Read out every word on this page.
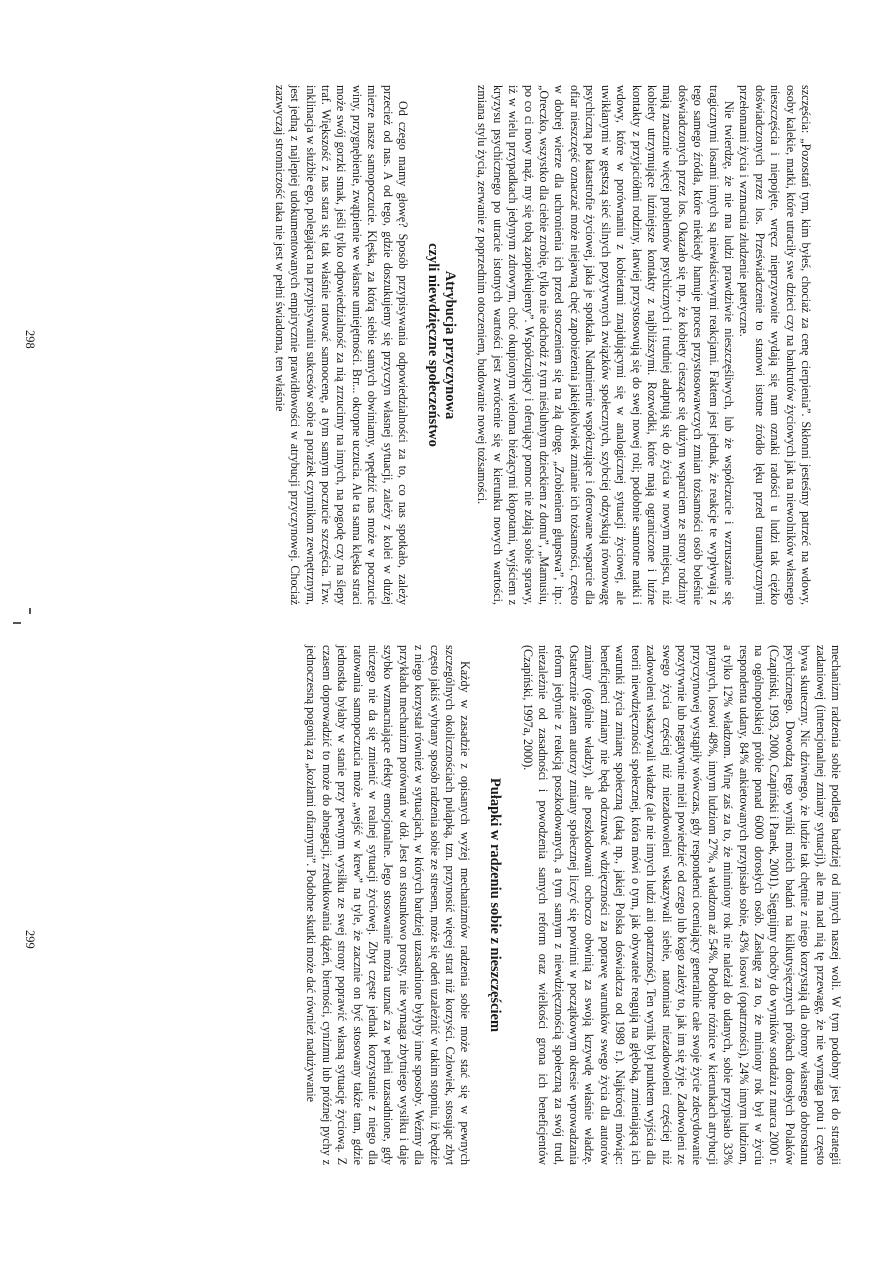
szczęścia: „Pozostań tym, kim byłeś, chociaż za cenę cierpienia”. Skłonni jesteśmy patrzeć na wdowy, osoby kalekie, matki, które utraciły swe dzieci czy na bankrutów życiowych jak na niewolników własnego nieszczęścia i niepojęte, wręcz nieprzyzwoite wydają się nam oznaki radości u ludzi tak ciężko doświadczonych przez los. Przeświadczenie to stanowi istotne źródło lęku przed traumatycznymi przełomami życia i wzmacnia złudzenie patetyczne.

Nie twierdzę, że nie ma ludzi prawdziwie nieszczęśliwych, lub że współczucie i wzruszanie się tragicznymi losami innych są niewłaściwymi reakcjami. Faktem jest jednak, że reakcje te wypływają z tego samego źródła, które niekiedy hamuje proces przystosowawczych zmian tożsamości osób boleśnie doświadczonych przez los. Okazało się np., że kobiety cieszące się dużym wsparciem ze strony rodziny mają znacznie więcej problemów psychicznych i trudniej adaptują się do życia w nowym miejscu, niż kobiety utrzymujące luźniejsze kontakty z najbliższymi. Rozwódki, które mają ograniczone i luźne kontakty z przyjaciółmi rodziny, łatwiej przystosowują się do swej nowej roli; podobnie samotne matki i wdowy, które w porównaniu z kobietami znajdującymi się w analogicznej sytuacji życiowej, ale uwikłanymi w gęstszą sieć silnych pozytywnych związków społecznych, szybciej odzyskują równowagę psychiczną po katastrofie życiowej, jaka je spotkała. Nadmiernie współczujące i oferowane wsparcie dla ofiar nieszczęść oznaczać może niejawną chęć zapobieżenia jakiejkolwiek zmianie ich tożsamości, często w dobrej wierze dla uchronienia ich przed stoczeniem się na złą drogę. „Zrobieniem głupstwa”, itp.: „Oreczko, wszystko dla ciebie zrobię, tylko nie odchodź z tym nieślubnym dzieckiem z domu”, „Mamusiu, po co ci nowy mąż, my się tobą zaopiekujemy”. Współczujący i oferujący pomoc nie zdają sobie sprawy, iż w wielu przypadkach jedynym zdrowym, choć okupionym wieloma bieżącymi kłopotami, wyjściem z kryzysu psychicznego po utracie istotnych wartości jest zwrócenie się w kierunku nowych wartości, zmiana stylu życia, zerwanie z poprzednim otoczeniem, budowanie nowej tożsamości.

Atrybucja przyczynowa
czyli niewdzięczne społeczeństwo

Od czego mamy głowę? Sposób przypisywania odpowiedzialności za to, co nas spotkało, zależy przecież od nas. A od tego, gdzie doszukujemy się przyczyn własnej sytuacji, zależy z kolei w dużej mierze nasze samopoczucie. Klęska, za którą siebie samych obwiniamy, wpędzić nas może w poczucie winy, przygnębienie, zwątpienie we własne umiejętności. Brr... okropne uczucia. Ale ta sama klęska straci może swój gorzki smak, jeśli tylko odpowiedzialność za nią zrzucimy na innych, na pogodę czy na ślepy traf. Większość z nas stara się tak właśnie ratować samoocenę, a tym samym poczucie szczęścia. Tzw. inklinacja w służbie ego, polegająca na przypisywaniu sukcesów sobie a porażek czynnikom zewnętrznym, jest jedną z najlepiej udokumentowanych empirycznie prawidłowości w atrybucji przyczynowej. Chociaż zazwyczaj stronniczość taka nie jest w pełni świadoma, ten właśnie

298

mechanizm radzenia sobie podlega bardziej od innych naszej woli. W tym podobny jest do strategii zadaniowej (intencjonalnej zmiany sytuacji), ale ma nad nią tę przewagę, że nie wymaga potu i często bywa skuteczny. Nic dziwnego, że ludzie tak chętnie z niego korzystają dla obrony własnego dobrostanu psychicznego. Dowodzą tego wyniki moich badań na kilkutysięcznych próbach dorosłych Polaków (Czapiński, 1993, 2000, Czapiński i Panek, 2001). Sięgnijmy choćby do wyników sondażu z marca 2000 r. na ogólnopolskiej próbie ponad 6000 dorosłych osób. Zasługę za to, że miniony rok był w życiu respondenta udany, 84% ankietowanych przypisało sobie, 43% losowi (opatrzności), 24% innym ludziom, a tylko 12% władzom. Winę zaś za to, że minniony rok nie należał do udanych, sobie przypisało 33% pytanych, losowi 48%, innym ludziom 27%, a władzom aż 54%. Podobne różnice w kierunkach atrybucji przyczynowej wystąpiły wówczas, gdy respondenci oceniający generalnie całe swoje życie zdecydowanie pozytywnie lub negatywnie mieli powiedzieć od czego lub kogo zależy to, jak im się żyje. Zadowoleni ze swego życia częściej niż niezadowoleni wskazywali siebie, natomiast niezadowoleni częściej niż zadowoleni wskazywali władze (ale nie innych ludzi ani opatrzność). Ten wynik był punktem wyjścia dla teorii niewdzięczności społecznej, która mówi o tym, jak obywatele reagują na głęboką, zmieniającą ich warunki życia zmianę społeczną (taką np., jakiej Polska doświadcza od 1989 r.). Najkrócej mówiąc: beneficjenci zmiany nie będą odczuwać wdzięczności za poprawę warunków swego życia dla autorów zmiany (ogólnie władzy), ale poszkodowani ochoczo obwinią za swoją krzywdę właśnie władzę. Ostatecznie zatem autorzy zmiany społecznej liczyć się powinni w początkowym okresie wprowadzania reform jedynie z reakcją poszkodowanych, a tym samym z niewdzięcznością społeczną za swój trud, niezależnie od zasadności i powodzenia samych reform oraz wielkości grona ich beneficjentów (Czapiński, 1997a, 2000).

Pułapki w radzeniu sobie z nieszczęściem

Każdy w zasadzie z opisanych wyżej mechanizmów radzenia sobie może stać się w pewnych szczególnych okolicznościach pułapką, tzn. przynosić więcej strat niż korzyści. Człowiek, stosując zbyt często jakiś wybrany sposób radzenia sobie ze stresem, może się odeń uzależnić w takim stopniu, iż będzie z niego korzystał również w sytuacjach, w których bardziej uzasadnione byłyby inne sposoby. Weźmy dla przykładu mechanizm porównań w dół. Jest on stosunkowo prosty, nie wymaga zbytniego wysiłku i daje szybko wzmacniające efekty emocjonalne. Jego stosowanie można uznać za w pełni uzasadnione, gdy niczego nie da się zmienić w realnej sytuacji życiowej. Zbyt częste jednak korzystanie z niego dla ratowania samopoczucia może „wejść w krew” na tyle, że zaczniе on być stosowany także tam, gdzie jednostka byłaby w stanie przy pewnym wysiłku ze swej strony poprawić własną sytuację życiową. Z czasem doprowadzić to może do abnegacji, zredukowania dążeń, bierności, cynizmu lub próżnej pychy z jednoczesną pogonią za „kozłami ofiarnymi”. Podobne skutki może dać również nadużywanie

299
